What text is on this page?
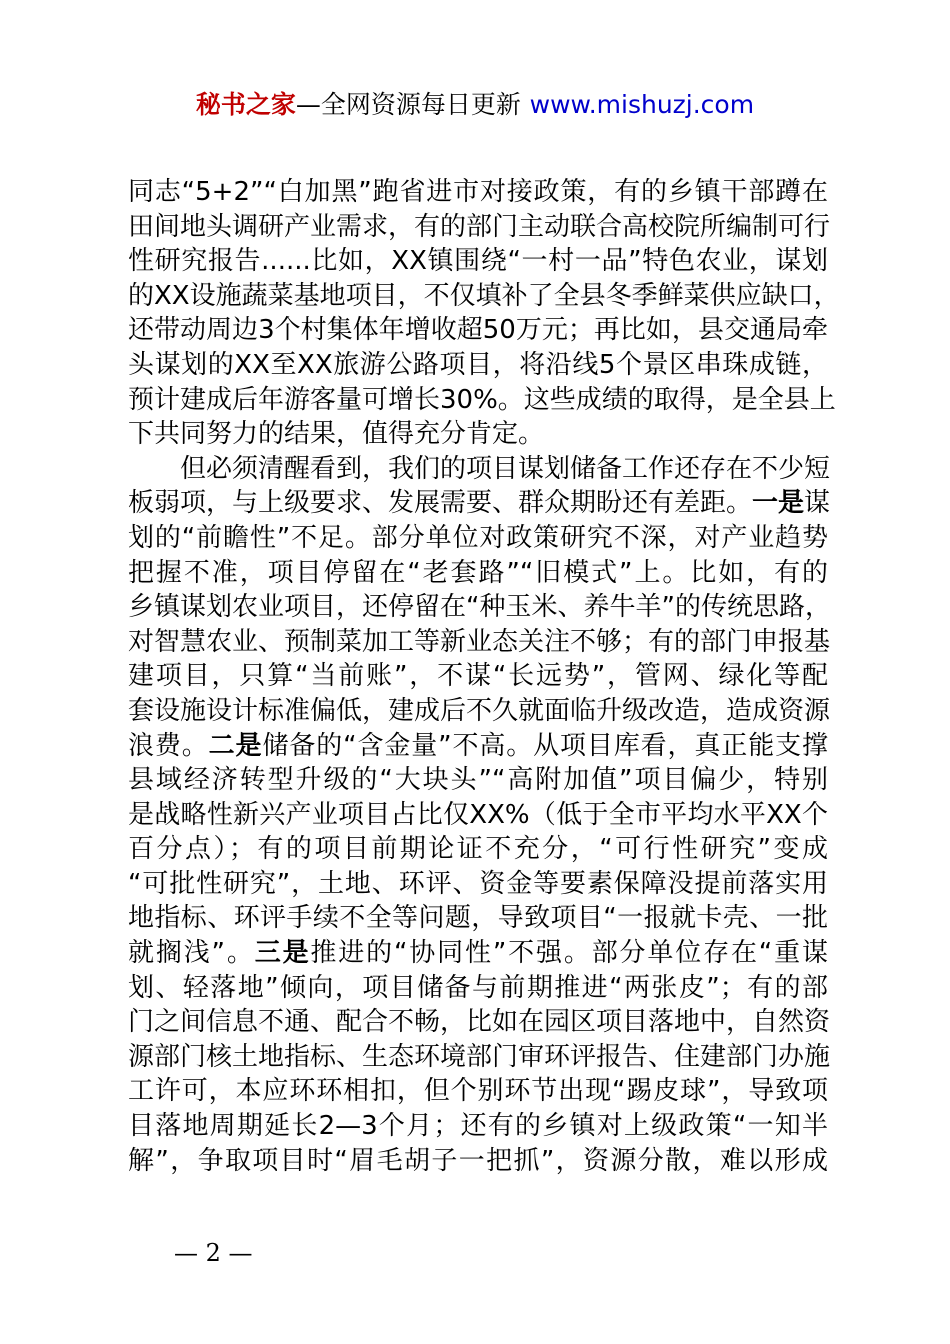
秘书之家—全网资源每日更新 www.mishuzj.com
同志“5+2”“白加黑”跑省进市对接政策，有的乡镇干部蹲在
田间地头调研产业需求，有的部门主动联合高校院所编制可行
性研究报告......比如，XX镇围绕“一村一品”特色农业，谋划
的XX设施蔬菜基地项目，不仅填补了全县冬季鲜菜供应缺口，
还带动周边3个村集体年增收超50万元；再比如，县交通局牵
头谋划的XX至XX旅游公路项目，将沿线5个景区串珠成链，
预计建成后年游客量可增长30%。这些成绩的取得，是全县上
下共同努力的结果，值得充分肯定。
但必须清醒看到，我们的项目谋划储备工作还存在不少短
板弱项，与上级要求、发展需要、群众期盼还有差距。一是谋
划的“前瞻性”不足。部分单位对政策研究不深，对产业趋势
把握不准，项目停留在“老套路”“旧模式”上。比如，有的
乡镇谋划农业项目，还停留在“种玉米、养牛羊”的传统思路，
对智慧农业、预制菜加工等新业态关注不够；有的部门申报基
建项目，只算“当前账”，不谋“长远势”，管网、绿化等配
套设施设计标准偏低，建成后不久就面临升级改造，造成资源
浪费。二是储备的“含金量”不高。从项目库看，真正能支撑
县域经济转型升级的“大块头”“高附加值”项目偏少，特别
是战略性新兴产业项目占比仅XX%（低于全市平均水平XX个
百分点）；有的项目前期论证不充分，“可行性研究”变成
“可批性研究”，土地、环评、资金等要素保障没提前落实用
地指标、环评手续不全等问题，导致项目“一报就卡壳、一批
就搁浅”。三是推进的“协同性”不强。部分单位存在“重谋
划、轻落地”倾向，项目储备与前期推进“两张皮”；有的部
门之间信息不通、配合不畅，比如在园区项目落地中，自然资
源部门核土地指标、生态环境部门审环评报告、住建部门办施
工许可，本应环环相扣，但个别环节出现“踢皮球”，导致项
目落地周期延长2—3个月；还有的乡镇对上级政策“一知半
解”，争取项目时“眉毛胡子一把抓”，资源分散，难以形成
— 2 —
